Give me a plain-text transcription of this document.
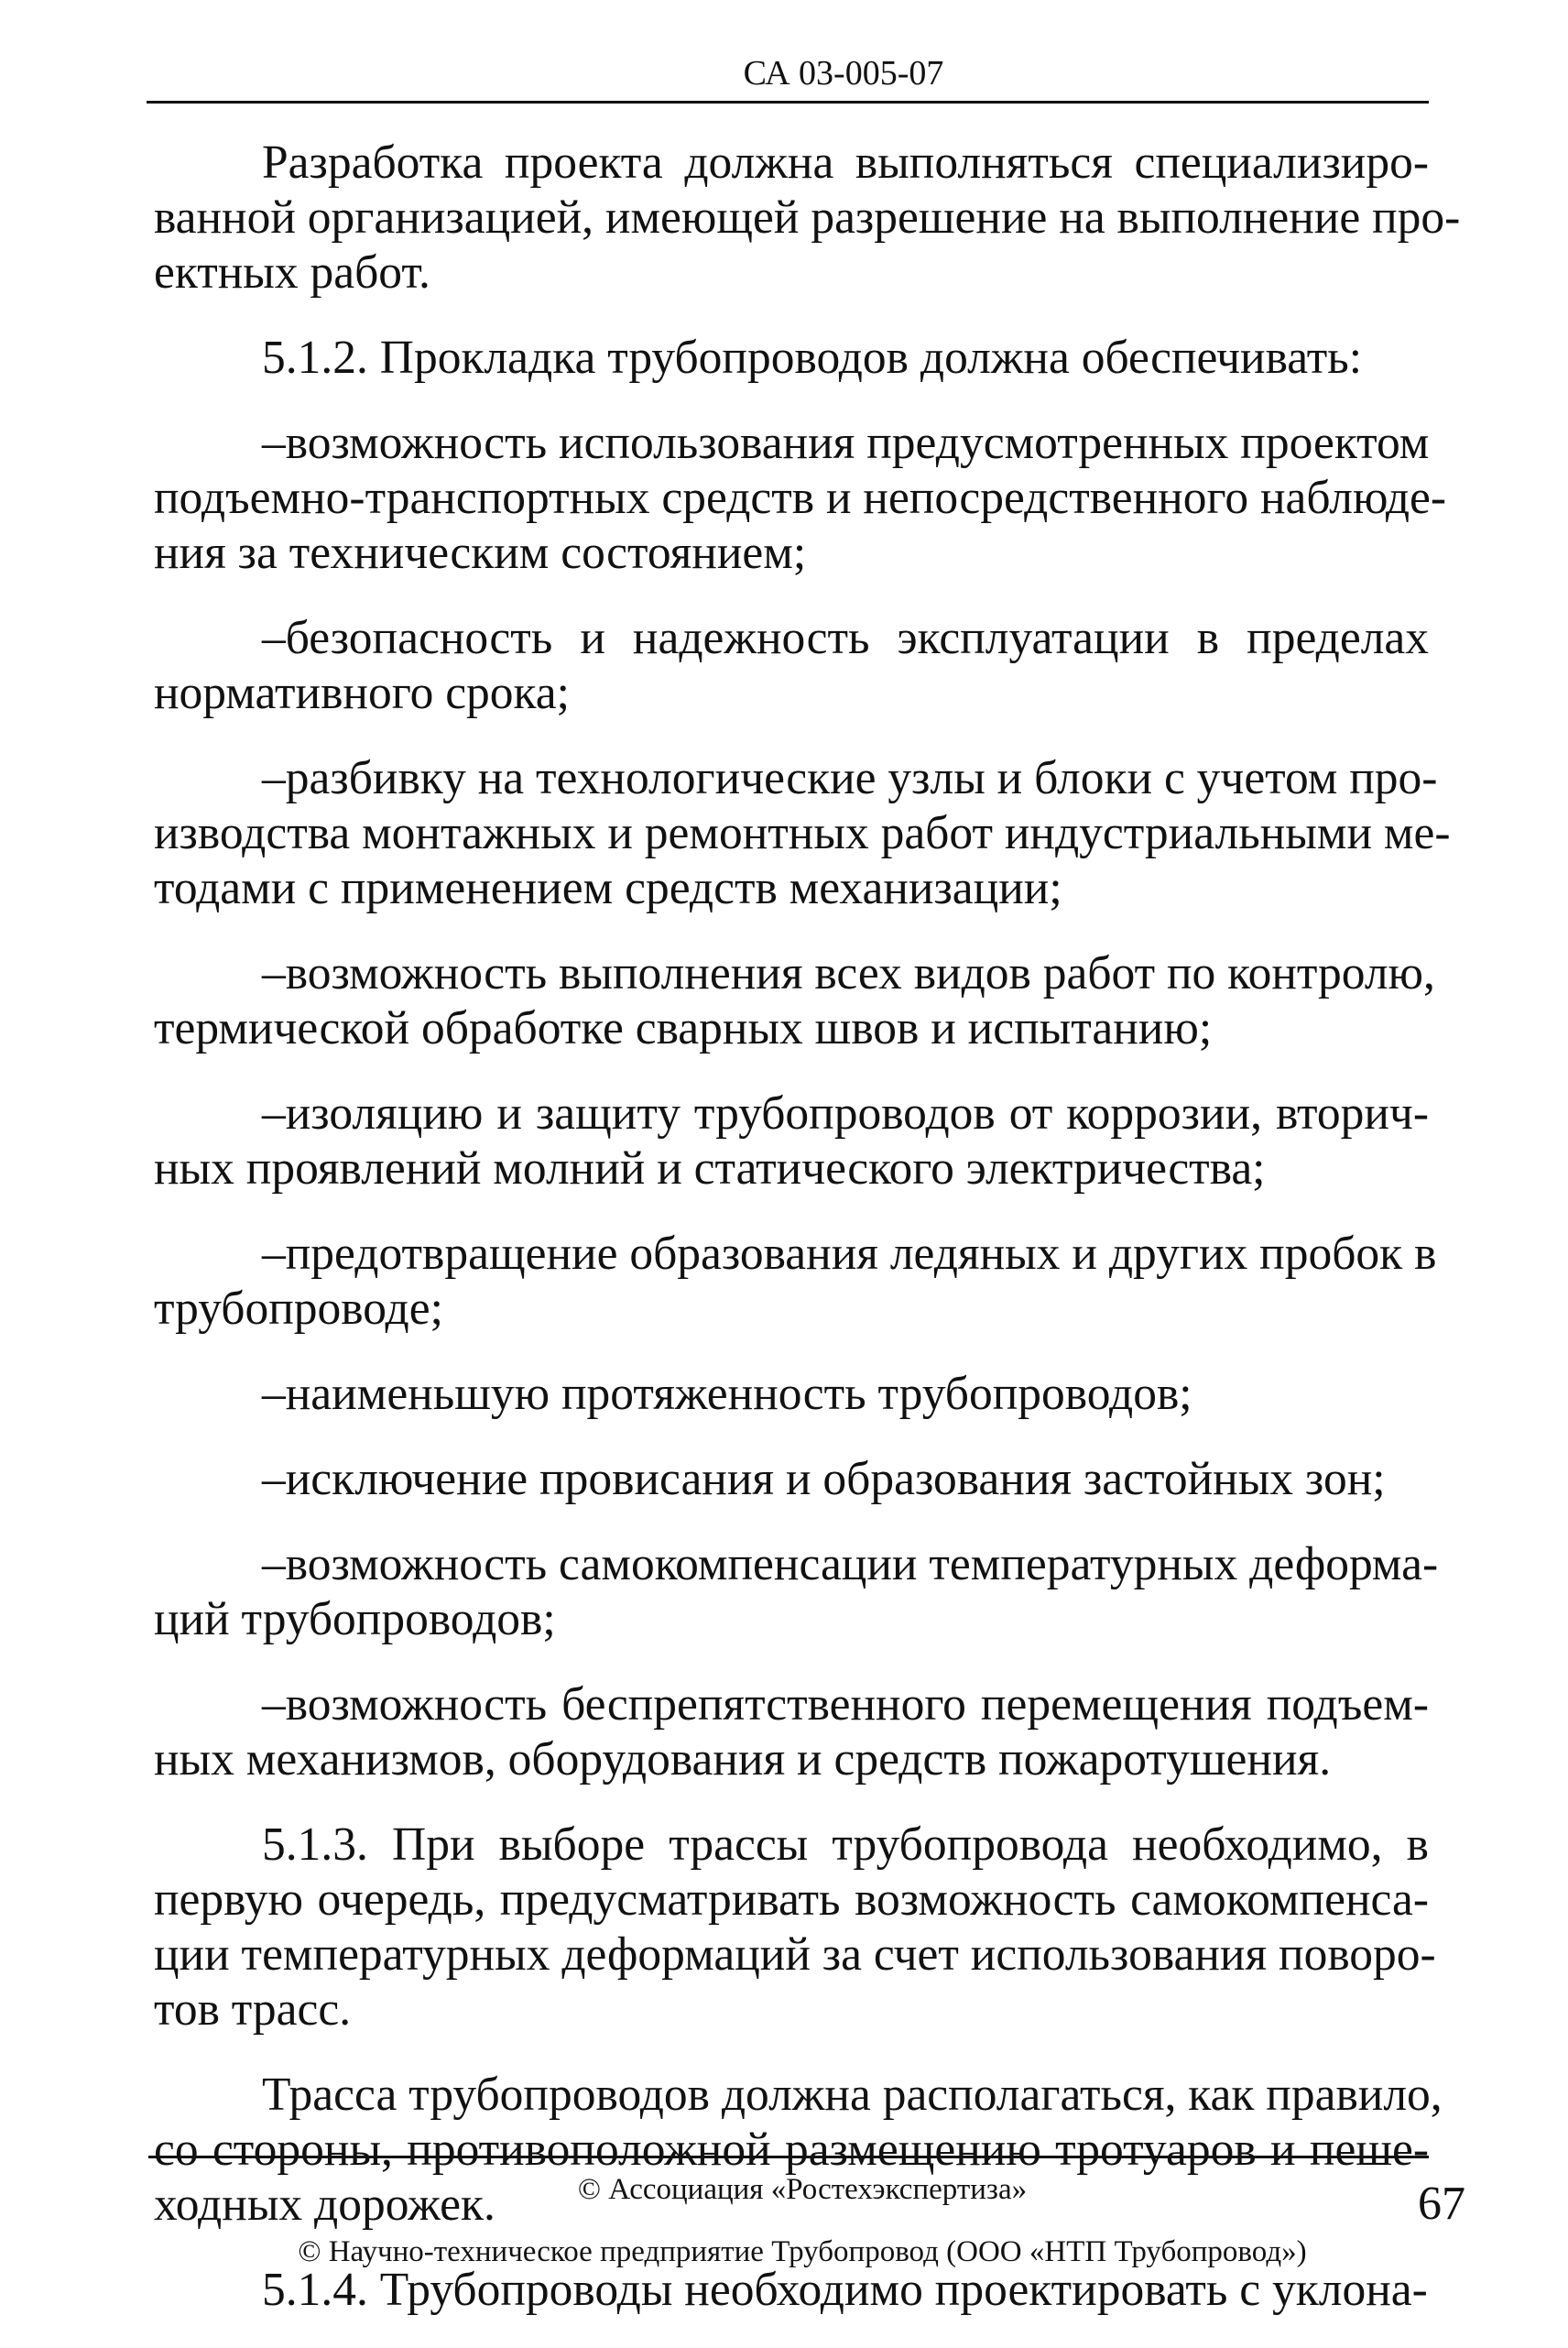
СА 03-005-07
Разработка проекта должна выполняться специализиро-
ванной организацией, имеющей разрешение на выполнение про-
ектных работ.
5.1.2. Прокладка трубопроводов должна обеспечивать:
–возможность использования предусмотренных проектом
подъемно-транспортных средств и непосредственного наблюде-
ния за техническим состоянием;
–безопасность и надежность эксплуатации в пределах
нормативного срока;
–разбивку на технологические узлы и блоки с учетом про-
изводства монтажных и ремонтных работ индустриальными ме-
тодами с применением средств механизации;
–возможность выполнения всех видов работ по контролю,
термической обработке сварных швов и испытанию;
–изоляцию и защиту трубопроводов от коррозии, вторич-
ных проявлений молний и статического электричества;
–предотвращение образования ледяных и других пробок в
трубопроводе;
–наименьшую протяженность трубопроводов;
–исключение провисания и образования застойных зон;
–возможность самокомпенсации температурных деформа-
ций трубопроводов;
–возможность беспрепятственного перемещения подъем-
ных механизмов, оборудования и средств пожаротушения.
5.1.3. При выборе трассы трубопровода необходимо, в
первую очередь, предусматривать возможность самокомпенса-
ции температурных деформаций за счет использования поворо-
тов трасс.
Трасса трубопроводов должна располагаться, как правило,
со стороны, противоположной размещению тротуаров и пеше-
ходных дорожек.
5.1.4. Трубопроводы необходимо проектировать с уклона-
© Ассоциация «Ростехэкспертиза»
© Научно-техническое предприятие Трубопровод (ООО «НТП Трубопровод»)
67
